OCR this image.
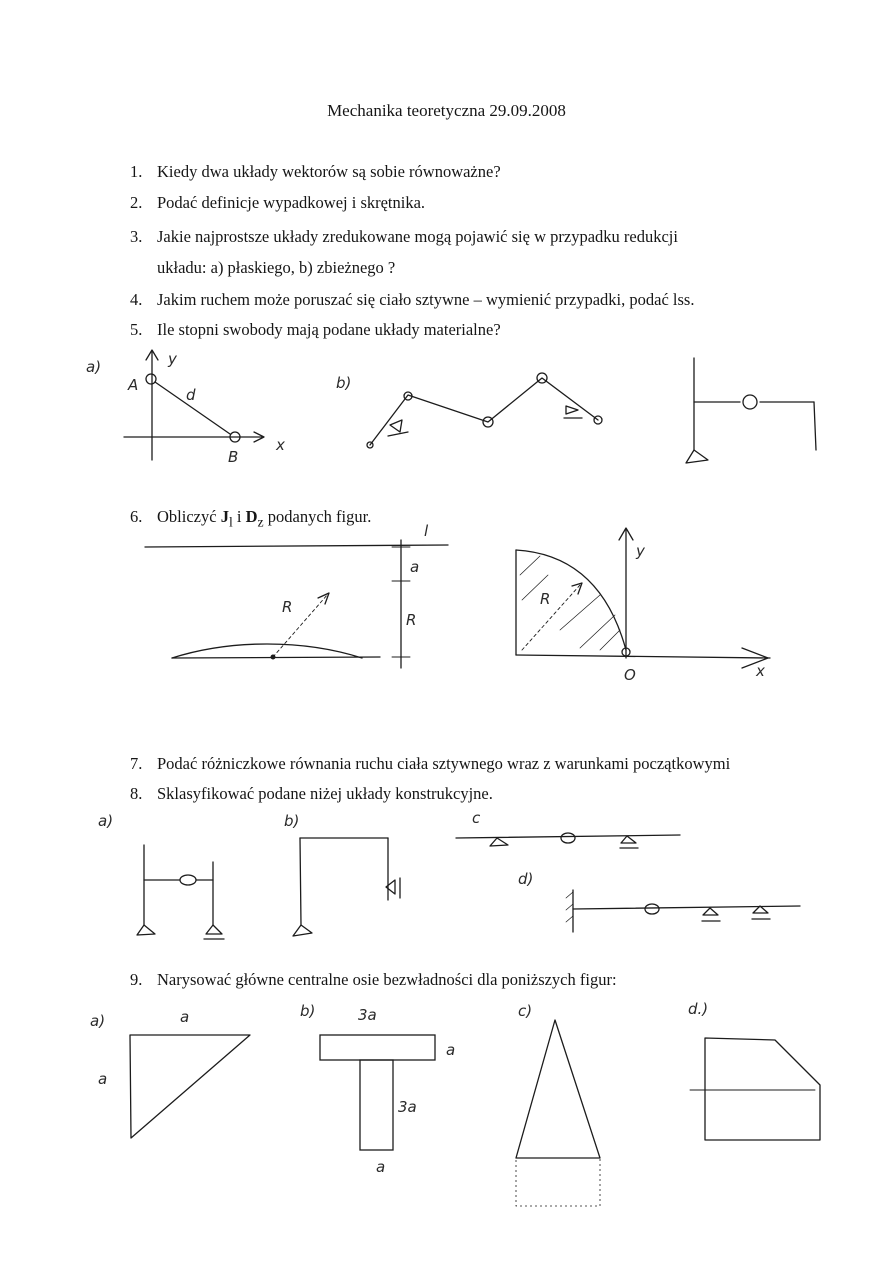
Mechanika teoretyczna 29.09.2008
1. Kiedy dwa układy wektorów są sobie równoważne?
2. Podać definicje wypadkowej i skrętnika.
3. Jakie najprostsze układy zredukowane mogą pojawić się w przypadku redukcji
układu: a) płaskiego, b) zbieżnego ?
4. Jakim ruchem może poruszać się ciało sztywne – wymienić przypadki, podać lss.
5. Ile stopni swobody mają podane układy materialne?
a)	y
x
A
d
B
b)
6. Obliczyć $J_l$ i $D_z$ podanych figur.
l
R
a
R
x
y
O
R
7. Podać różniczkowe równania ruchu ciała sztywnego wraz z warunkami początkowymi
8. Sklasyfikować podane niżej układy konstrukcyjne.
a)	b)	c
d)
9. Narysować główne centralne osie bezwładności dla poniższych figur:
a)	a
a
b)	3a
a
3a
a
c)	d.)
